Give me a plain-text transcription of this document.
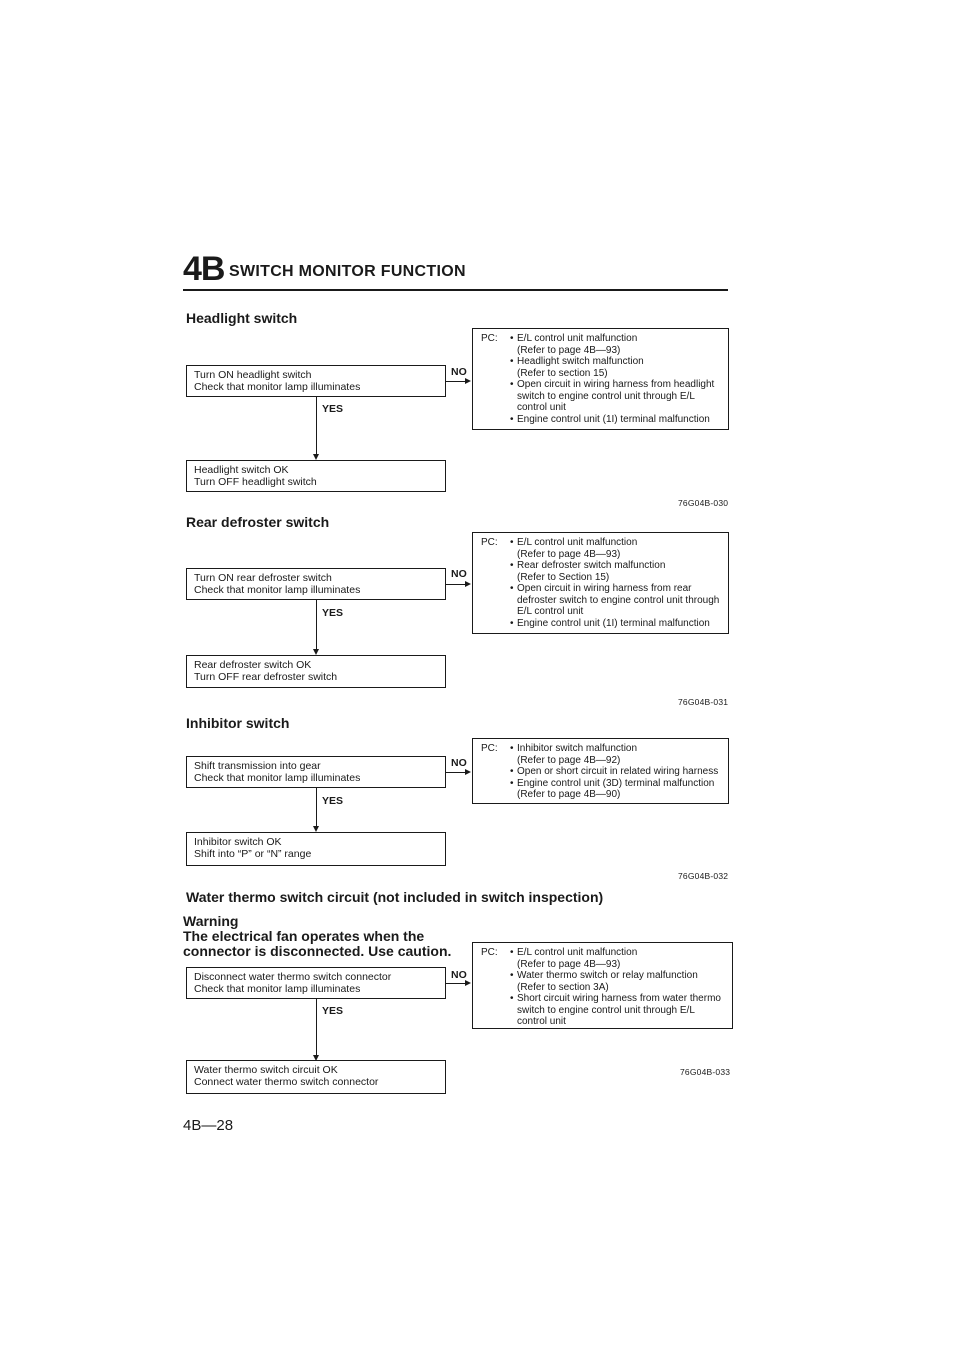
4B SWITCH MONITOR FUNCTION
Headlight switch
Turn ON headlight switch
Check that monitor lamp illuminates
NO
YES
Headlight switch OK
Turn OFF headlight switch
PC: • E/L control unit malfunction
(Refer to page 4B—93)
• Headlight switch malfunction
(Refer to section 15)
• Open circuit in wiring harness from headlight
switch to engine control unit through E/L
control unit
• Engine control unit (1I) terminal malfunction
76G04B-030
Rear defroster switch
Turn ON rear defroster switch
Check that monitor lamp illuminates
NO
YES
Rear defroster switch OK
Turn OFF rear defroster switch
PC: • E/L control unit malfunction
(Refer to page 4B—93)
• Rear defroster switch malfunction
(Refer to Section 15)
• Open circuit in wiring harness from rear
defroster switch to engine control unit through
E/L control unit
• Engine control unit (1I) terminal malfunction
76G04B-031
Inhibitor switch
Shift transmission into gear
Check that monitor lamp illuminates
NO
YES
Inhibitor switch OK
Shift into “P” or “N” range
PC: • Inhibitor switch malfunction
(Refer to page 4B—92)
• Open or short circuit in related wiring harness
• Engine control unit (3D) terminal malfunction
(Refer to page 4B—90)
76G04B-032
Water thermo switch circuit (not included in switch inspection)
Warning
The electrical fan operates when the
connector is disconnected. Use caution.
Disconnect water thermo switch connector
Check that monitor lamp illuminates
NO
YES
Water thermo switch circuit OK
Connect water thermo switch connector
PC: • E/L control unit malfunction
(Refer to page 4B—93)
• Water thermo switch or relay malfunction
(Refer to section 3A)
• Short circuit wiring harness from water thermo
switch to engine control unit through E/L
control unit
76G04B-033
4B—28
